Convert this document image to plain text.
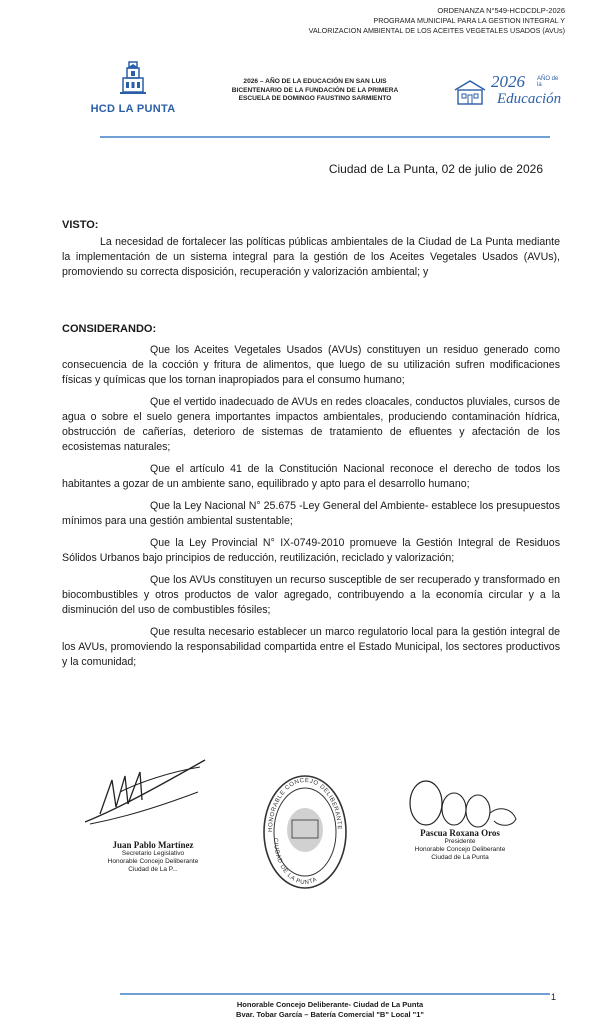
ORDENANZA N°549-HCDCDLP-2026
PROGRAMA MUNICIPAL PARA LA GESTION INTEGRAL Y
VALORIZACION AMBIENTAL DE LOS ACEITES VEGETALES USADOS (AVUs)
HCD LA PUNTA
2026 – AÑO DE LA EDUCACIÓN EN SAN LUIS
BICENTENARIO DE LA FUNDACIÓN DE LA PRIMERA
ESCUELA DE DOMINGO FAUSTINO SARMIENTO
2026 AÑO de la
Educación
Ciudad de La Punta, 02 de julio de 2026
VISTO:

La necesidad de fortalecer las políticas públicas ambientales de la Ciudad de La Punta mediante la implementación de un sistema integral para la gestión de los Aceites Vegetales Usados (AVUs), promoviendo su correcta disposición, recuperación y valorización ambiental; y

CONSIDERANDO:

Que los Aceites Vegetales Usados (AVUs) constituyen un residuo generado como consecuencia de la cocción y fritura de alimentos, que luego de su utilización sufren modificaciones físicas y químicas que los tornan inapropiados para el consumo humano;

Que el vertido inadecuado de AVUs en redes cloacales, conductos pluviales, cursos de agua o sobre el suelo genera importantes impactos ambientales, produciendo contaminación hídrica, obstrucción de cañerías, deterioro de sistemas de tratamiento de efluentes y afectación de los ecosistemas naturales;

Que el artículo 41 de la Constitución Nacional reconoce el derecho de todos los habitantes a gozar de un ambiente sano, equilibrado y apto para el desarrollo humano;

Que la Ley Nacional N° 25.675 -Ley General del Ambiente- establece los presupuestos mínimos para una gestión ambiental sustentable;

Que la Ley Provincial N° IX-0749-2010 promueve la Gestión Integral de Residuos Sólidos Urbanos bajo principios de reducción, reutilización, reciclado y valorización;

Que los AVUs constituyen un recurso susceptible de ser recuperado y transformado en biocombustibles y otros productos de valor agregado, contribuyendo a la economía circular y a la disminución del uso de combustibles fósiles;

Que resulta necesario establecer un marco regulatorio local para la gestión integral de los AVUs, promoviendo la responsabilidad compartida entre el Estado Municipal, los sectores productivos y la comunidad;

Juan Pablo Martínez
Secretario Legislativo
Honorable Concejo Deliberante
Ciudad de La P...
HONORABLE CONCEJO DELIBERANTE
CIUDAD DE LA PUNTA
Pascua Roxana Oros
Presidente
Honorable Concejo Deliberante
Ciudad de La Punta
1
Honorable Concejo Deliberante- Ciudad de La Punta
Bvar. Tobar García – Batería Comercial "B" Local "1"
